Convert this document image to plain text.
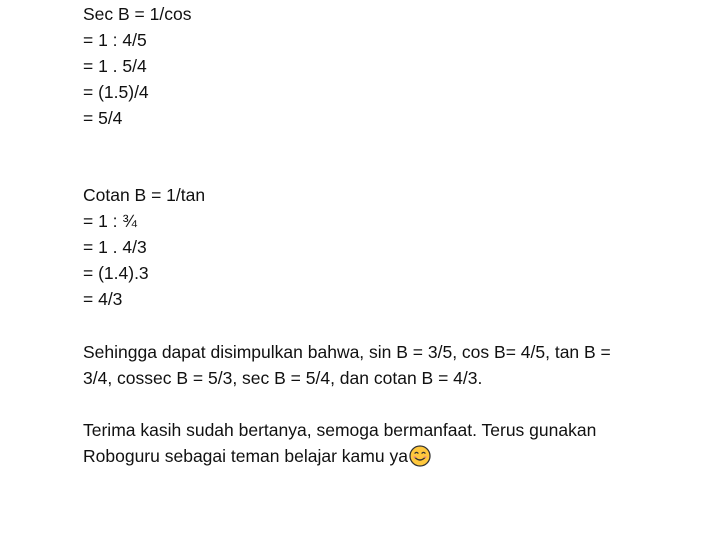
Sec B = 1/cos
= 1 : 4/5
= 1 . 5/4
= (1.5)/4
= 5/4
Cotan B = 1/tan
= 1 : ¾
= 1 . 4/3
= (1.4).3
= 4/3
Sehingga dapat disimpulkan bahwa, sin B = 3/5, cos B= 4/5, tan B =
3/4, cossec B = 5/3, sec B = 5/4, dan cotan B = 4/3.
Terima kasih sudah bertanya, semoga bermanfaat. Terus gunakan
Roboguru sebagai teman belajar kamu ya
